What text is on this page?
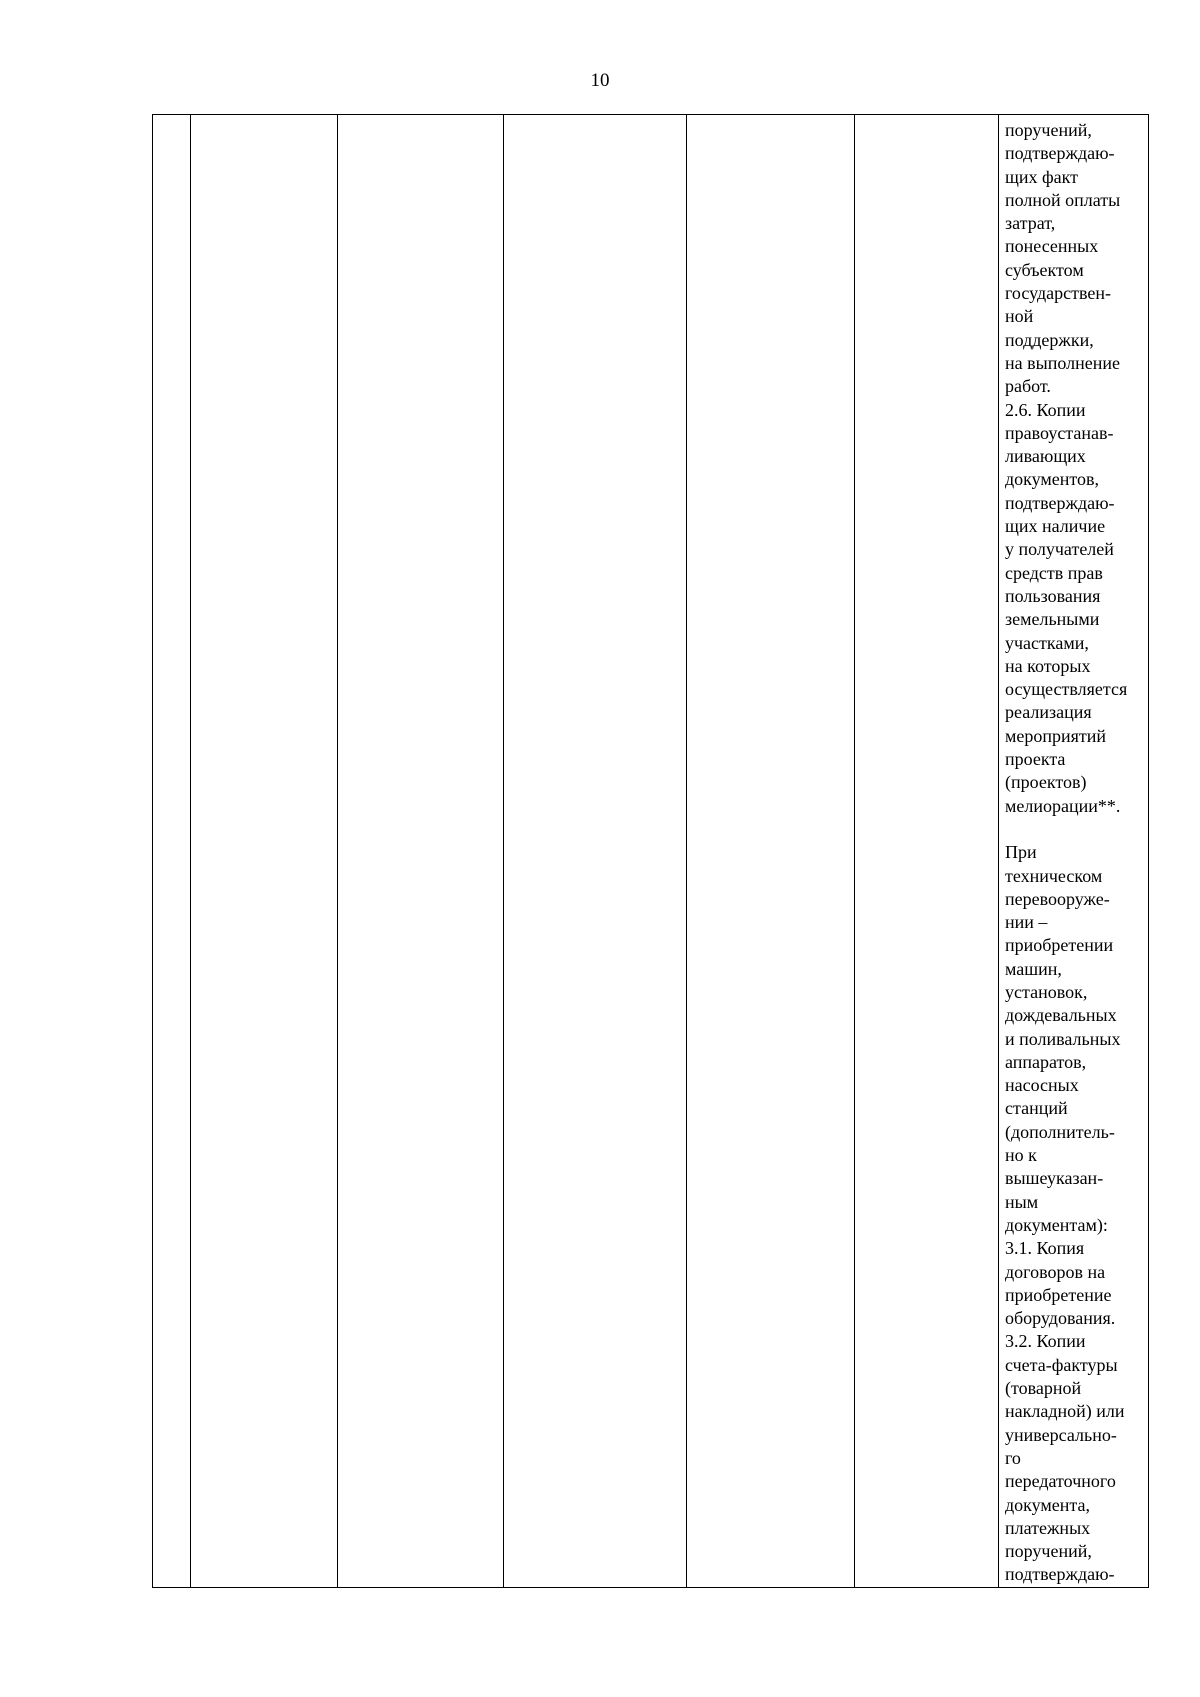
10

поручений,
подтверждаю-
щих факт
полной оплаты
затрат,
понесенных
субъектом
государствен-
ной
поддержки,
на выполнение
работ.
2.6. Копии
правоустанав-
ливающих
документов,
подтверждаю-
щих наличие
у получателей
средств прав
пользования
земельными
участками,
на которых
осуществляется
реализация
мероприятий
проекта
(проектов)
мелиорации**.
При
техническом
перевооруже-
нии –
приобретении
машин,
установок,
дождевальных
и поливальных
аппаратов,
насосных
станций
(дополнитель-
но к
вышеуказан-
ным
документам):
3.1. Копия
договоров на
приобретение
оборудования.
3.2. Копии
счета-фактуры
(товарной
накладной) или
универсально-
го
передаточного
документа,
платежных
поручений,
подтверждаю-
